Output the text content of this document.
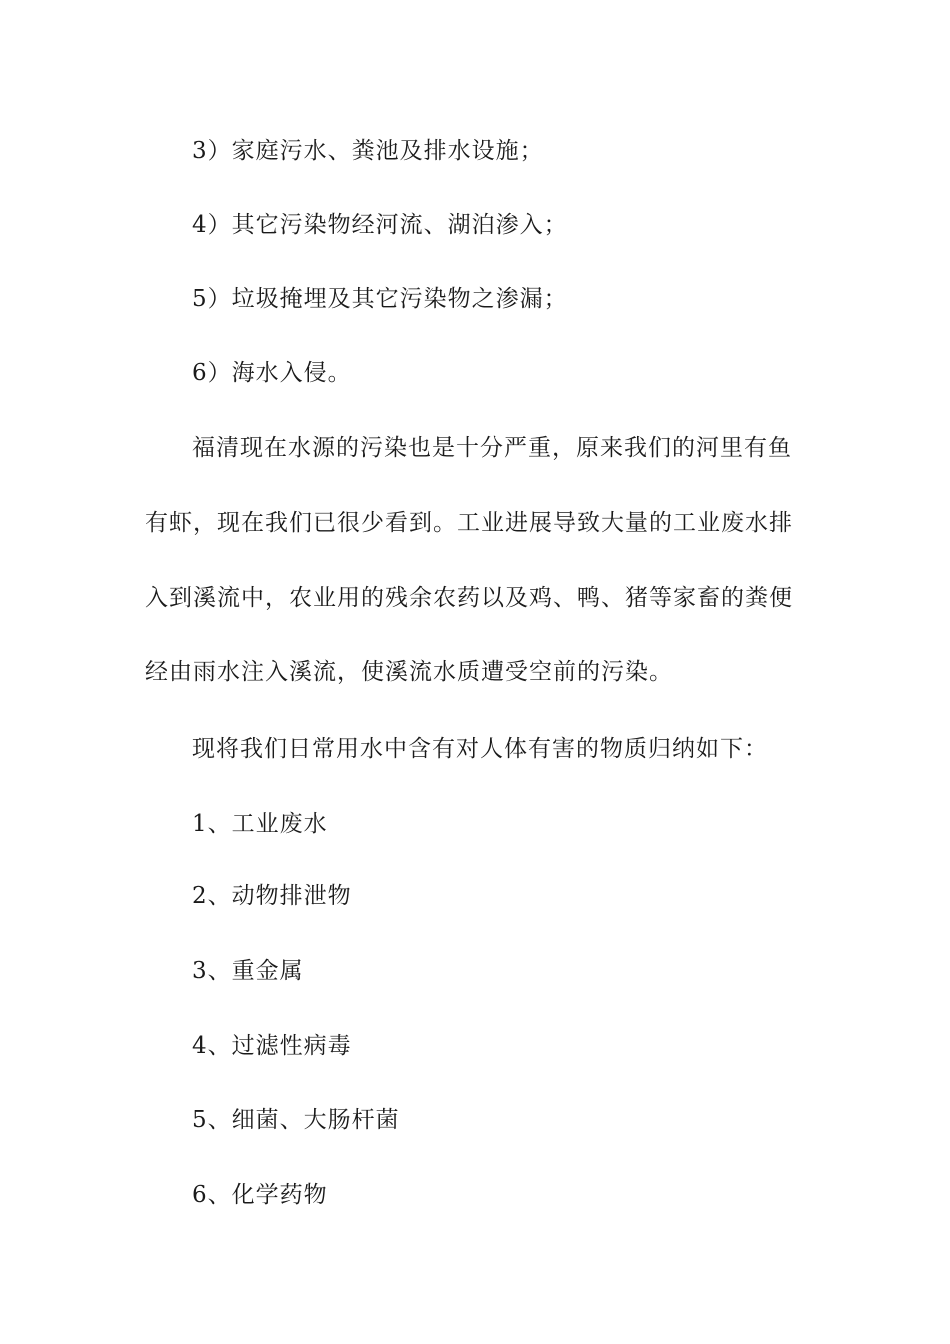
3）家庭污水、粪池及排水设施；
4）其它污染物经河流、湖泊渗入；
5）垃圾掩埋及其它污染物之渗漏；
6）海水入侵。
福清现在水源的污染也是十分严重，原来我们的河里有鱼
有虾，现在我们已很少看到。工业进展导致大量的工业废水排
入到溪流中，农业用的残余农药以及鸡、鸭、猪等家畜的粪便
经由雨水注入溪流，使溪流水质遭受空前的污染。
现将我们日常用水中含有对人体有害的物质归纳如下：
1、工业废水
2、动物排泄物
3、重金属
4、过滤性病毒
5、细菌、大肠杆菌
6、化学药物
